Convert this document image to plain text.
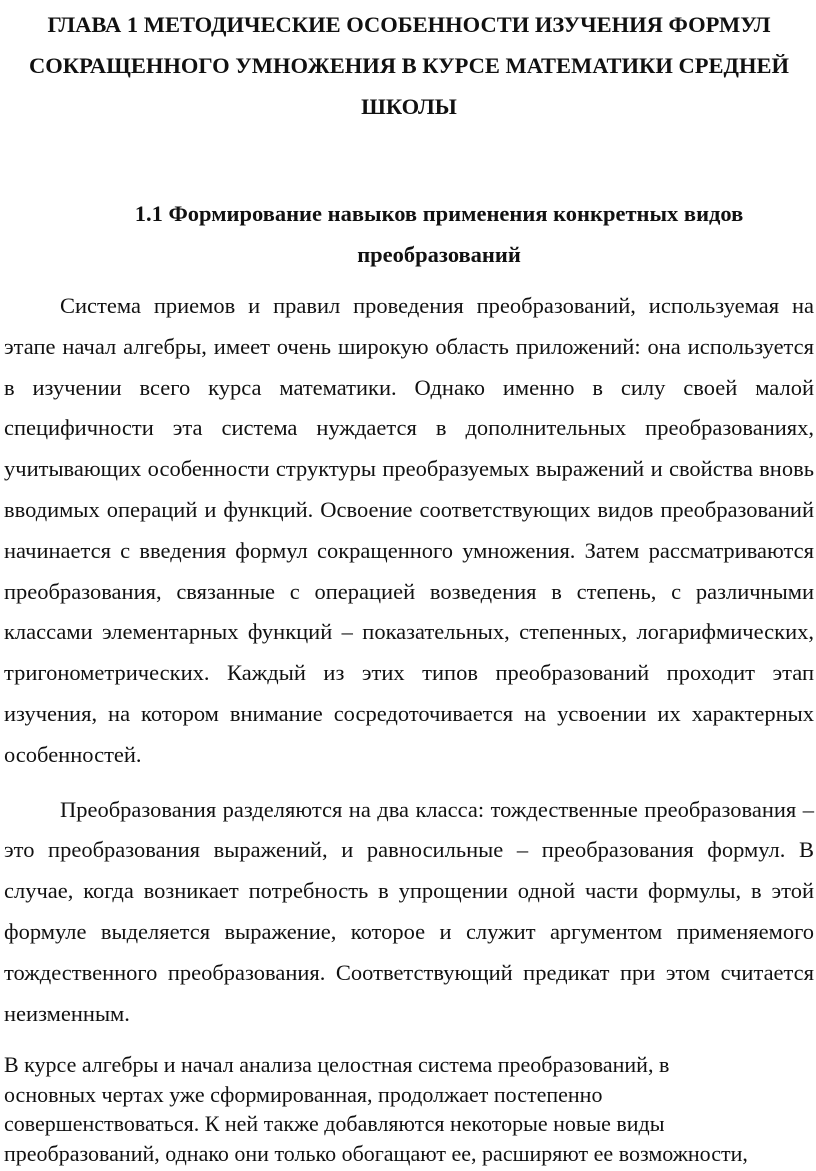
ГЛАВА 1 МЕТОДИЧЕСКИЕ ОСОБЕННОСТИ ИЗУЧЕНИЯ ФОРМУЛ СОКРАЩЕННОГО УМНОЖЕНИЯ В КУРСЕ МАТЕМАТИКИ СРЕДНЕЙ ШКОЛЫ
1.1 Формирование навыков применения конкретных видов преобразований

Система приемов и правил проведения преобразований, используемая на этапе начал алгебры, имеет очень широкую область приложений: она используется в изучении всего курса математики. Однако именно в силу своей малой специфичности эта система нуждается в дополнительных преобразованиях, учитывающих особенности структуры преобразуемых выражений и свойства вновь вводимых операций и функций. Освоение соответствующих видов преобразований начинается с введения формул сокращенного умножения. Затем рассматриваются преобразования, связанные с операцией возведения в степень, с различными классами элементарных функций – показательных, степенных, логарифмических, тригонометрических. Каждый из этих типов преобразований проходит этап изучения, на котором внимание сосредоточивается на усвоении их характерных особенностей.

Преобразования разделяются на два класса: тождественные преобразования – это преобразования выражений, и равносильные – преобразования формул. В случае, когда возникает потребность в упрощении одной части формулы, в этой формуле выделяется выражение, которое и служит аргументом применяемого тождественного преобразования. Соответствующий предикат при этом считается неизменным.

В курсе алгебры и начал анализа целостная система преобразований, в
основных чертах уже сформированная, продолжает постепенно
совершенствоваться. К ней также добавляются некоторые новые виды
преобразований, однако они только обогащают ее, расширяют ее возможности,
